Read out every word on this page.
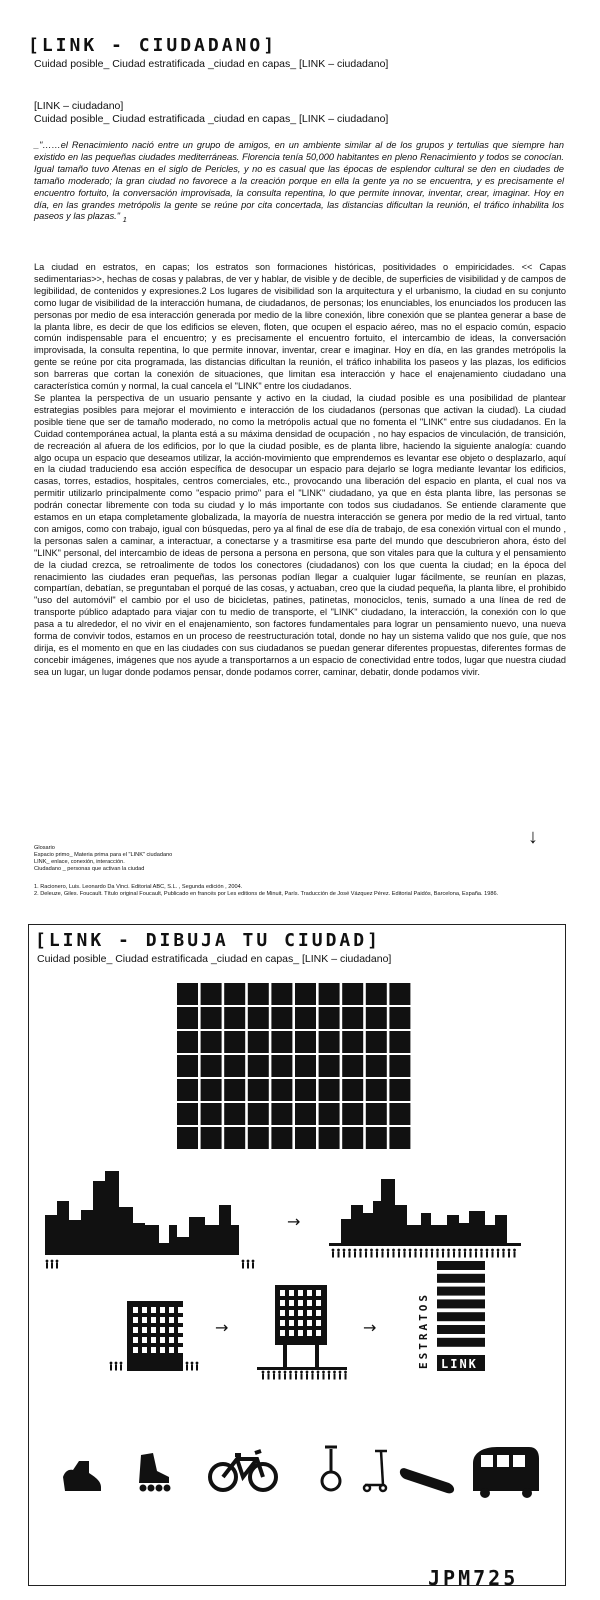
[LINK - CIUDADANO]
Cuidad posible_ Ciudad estratificada _ciudad en capas_ [LINK – ciudadano]
[LINK – ciudadano]
Cuidad posible_ Ciudad estratificada _ciudad en capas_ [LINK – ciudadano]
_"……el Renacimiento nació entre un grupo de amigos, en un ambiente similar al de los grupos y tertulias que siempre han existido en las pequeñas ciudades mediterráneas. Florencia tenía 50,000 habitantes en pleno Renacimiento y todos se conocían. Igual tamaño tuvo Atenas en el siglo de Pericles, y no es casual que las épocas de esplendor cultural se den en ciudades de tamaño moderado; la gran ciudad no favorece a la creación porque en ella la gente ya no se encuentra, y es precisamente el encuentro fortuito, la conversación improvisada, la consulta repentina, lo que permite innovar, inventar, crear, imaginar. Hoy en día, en las grandes metrópolis la gente se reúne por cita concertada, las distancias dificultan la reunión, el tráfico inhabilita los paseos y las plazas." $_1$

La ciudad en estratos, en capas; los estratos son formaciones históricas, positividades o empiricidades. << Capas sedimentarias>>, hechas de cosas y palabras, de ver y hablar, de visible y de decible, de superficies de visibilidad y de campos de legibilidad, de contenidos y expresiones.2 Los lugares de visibilidad son la arquitectura y el urbanismo, la ciudad en su conjunto como lugar de visibilidad de la interacción humana, de ciudadanos, de personas; los enunciables, los enunciados los producen las personas por medio de esa interacción generada por medio de la libre conexión, libre conexión que se plantea generar a base de la planta libre, es decir de que los edificios se eleven, floten, que ocupen el espacio aéreo, mas no el espacio común, espacio común indispensable para el encuentro; y es precisamente el encuentro fortuito, el intercambio de ideas, la conversación improvisada, la consulta repentina, lo que permite innovar, inventar, crear e imaginar. Hoy en día, en las grandes metrópolis la gente se reúne por cita programada, las distancias dificultan la reunión, el tráfico inhabilita los paseos y las plazas, los edificios son barreras que cortan la conexión de situaciones, que limitan esa interacción y hace el enajenamiento ciudadano una característica común y normal, la cual cancela el "LINK" entre los ciudadanos.

Se plantea la perspectiva de un usuario pensante y activo en la ciudad, la ciudad posible es una posibilidad de plantear estrategias posibles para mejorar el movimiento e interacción de los ciudadanos (personas que activan la ciudad). La ciudad posible tiene que ser de tamaño moderado, no como la metrópolis actual que no fomenta el "LINK" entre sus ciudadanos. En la Cuidad contemporánea actual, la planta está a su máxima densidad de ocupación , no hay espacios de vinculación, de transición, de recreación al afuera de los edificios, por lo que la ciudad posible, es de planta libre, haciendo la siguiente analogía: cuando algo ocupa un espacio que deseamos utilizar, la acción-movimiento que emprendemos es levantar ese objeto o desplazarlo, aquí en la ciudad traduciendo esa acción específica de desocupar un espacio para dejarlo se logra mediante levantar los edificios, casas, torres, estadios, hospitales, centros comerciales, etc., provocando una liberación del espacio en planta, el cual nos va permitir utilizarlo principalmente como "espacio primo" para el "LINK" ciudadano, ya que en ésta planta libre, las personas se podrán conectar libremente con toda su ciudad y lo más importante con todos sus ciudadanos. Se entiende claramente que estamos en un etapa completamente globalizada, la mayoría de nuestra interacción se genera por medio de la red virtual, tanto con amigos, como con trabajo, igual con búsquedas, pero ya al final de ese día de trabajo, de esa conexión virtual con el mundo , la personas salen a caminar, a interactuar, a conectarse y a trasmitirse esa parte del mundo que descubrieron ahora, ésto del "LINK" personal, del intercambio de ideas de persona a persona en persona, que son vitales para que la cultura y el pensamiento de la ciudad crezca, se retroalimente de todos los conectores (ciudadanos) con los que cuenta la ciudad; en la época del renacimiento las ciudades eran pequeñas, las personas podían llegar a cualquier lugar fácilmente, se reunían en plazas, compartían, debatían, se preguntaban el porqué de las cosas, y actuaban, creo que la ciudad pequeña, la planta libre, el prohibido "uso del automóvil" el cambio por el uso de bicicletas, patines, patinetas, monociclos, tenis, sumado a una línea de red de transporte público adaptado para viajar con tu medio de transporte, el "LINK" ciudadano, la interacción, la conexión con lo que pasa a tu alrededor, el no vivir en el enajenamiento, son factores fundamentales para lograr un pensamiento nuevo, una nueva forma de convivir todos, estamos en un proceso de reestructuración total, donde no hay un sistema valido que nos guíe, que nos dirija, es el momento en que en las ciudades con sus ciudadanos se puedan generar diferentes propuestas, diferentes formas de concebir imágenes, imágenes que nos ayude a transportarnos a un espacio de conectividad entre todos, lugar que nuestra ciudad sea un lugar, un lugar donde podamos pensar, donde podamos correr, caminar, debatir, donde podamos vivir.

↓
Glosario
Espacio primo_ Materia prima para el "LINK" ciudadano
LINK_ enlace, conexión, interacción.
Ciudadano _ personas que activan la ciudad
1. Racionero, Luis. Leonardo Da Vinci. Editorial ABC, S.L. , Segunda edición , 2004.
2. Deleuze, Giles. Foucault. Título original Foucault, Publicado en francés por Les editions de Minuit, París. Traducción de José Vázquez Pérez. Editorial Paidós, Barcelona, España. 1986.
[LINK - DIBUJA TU CIUDAD]
Cuidad posible_ Ciudad estratificada _ciudad en capas_ [LINK – ciudadano]
→
→	→	ESTRATOS LINK
JPM725
